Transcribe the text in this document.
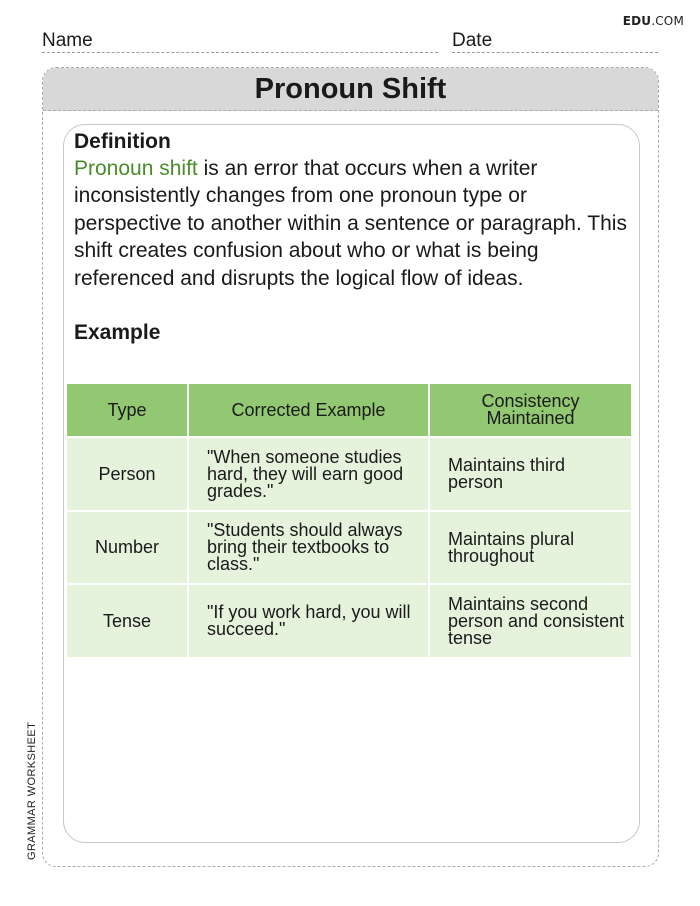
EDU.COM
Name	Date
GRAMMAR WORKSHEET
Pronoun Shift
Definition
Pronoun shift is an error that occurs when a writer inconsistently changes from one pronoun type or perspective to another within a sentence or paragraph. This shift creates confusion about who or what is being referenced and disrupts the logical flow of ideas.
Example
Type	Corrected Example	Consistency Maintained
Person	"When someone studies hard, they will earn good grades."	Maintains third person
Number	"Students should always bring their textbooks to class."	Maintains plural throughout
Tense	"If you work hard, you will succeed."	Maintains second person and consistent tense
